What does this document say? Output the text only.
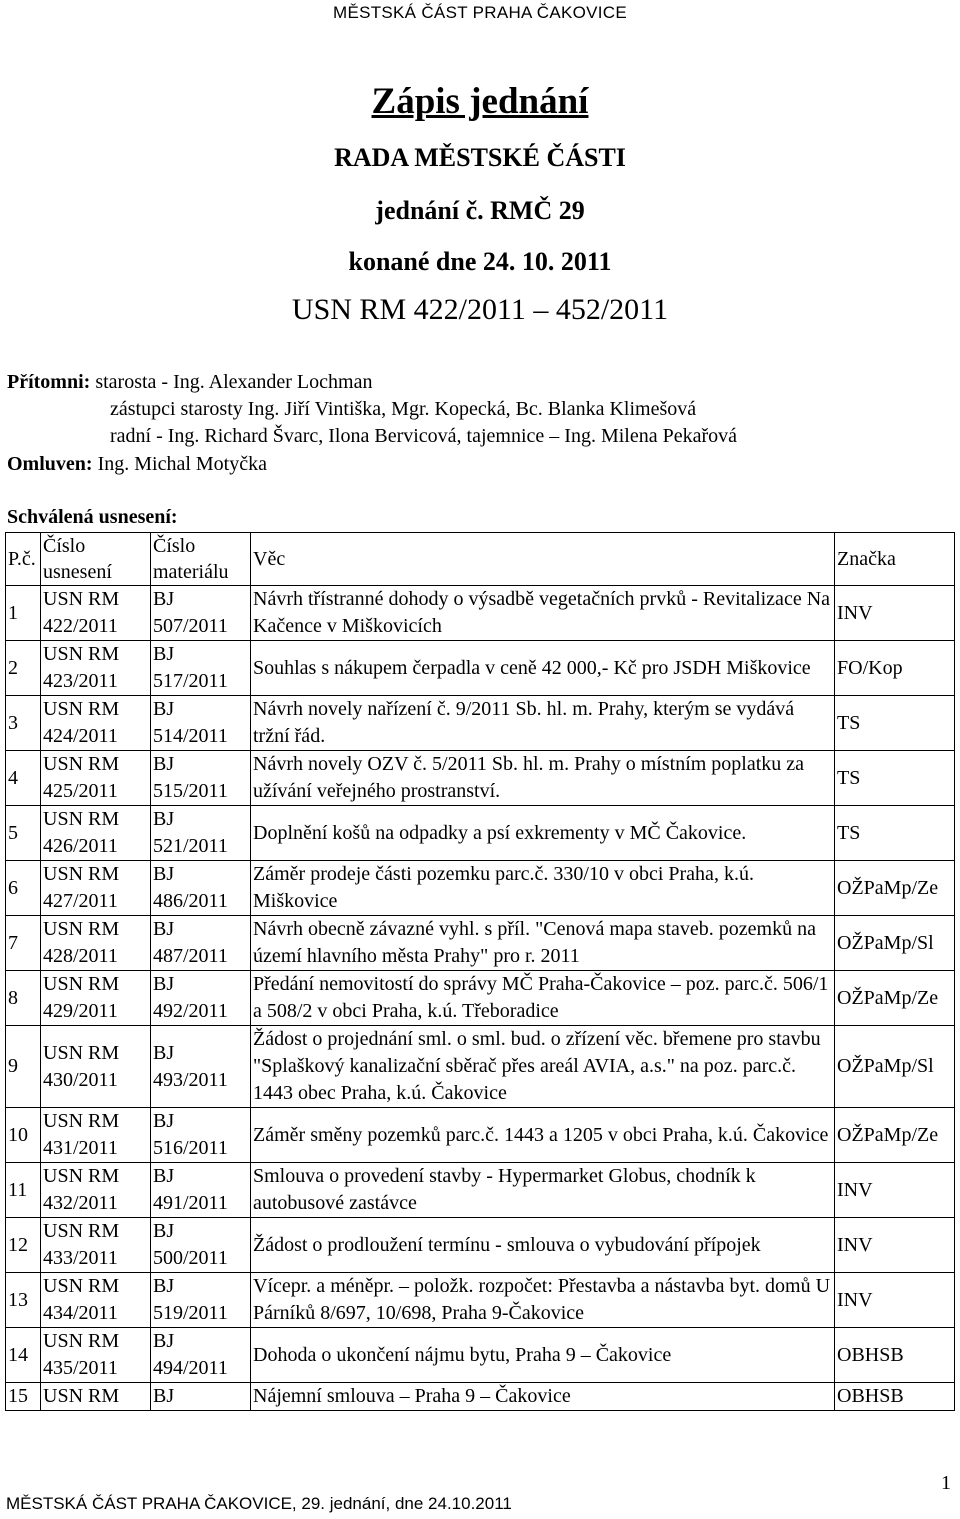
MĚSTSKÁ ČÁST PRAHA ČAKOVICE
Zápis jednání
RADA MĚSTSKÉ ČÁSTI
jednání č. RMČ 29
konané dne 24. 10. 2011
USN RM 422/2011 – 452/2011
Přítomni: starosta - Ing. Alexander Lochman
zástupci starosty Ing. Jiří Vintiška, Mgr. Kopecká, Bc. Blanka Klimešová
radní - Ing. Richard Švarc, Ilona Bervicová, tajemnice – Ing. Milena Pekařová
Omluven: Ing. Michal Motyčka
Schválená usnesení:
P.č.	Číslo usnesení	Číslo materiálu	Věc	Značka
1	USN RM 422/2011	BJ 507/2011	Návrh třístranné dohody o výsadbě vegetačních prvků - Revitalizace Na Kačence v Miškovicích	INV
2	USN RM 423/2011	BJ 517/2011	Souhlas s nákupem čerpadla v ceně 42 000,- Kč pro JSDH Miškovice	FO/Kop
3	USN RM 424/2011	BJ 514/2011	Návrh novely nařízení č. 9/2011 Sb. hl. m. Prahy, kterým se vydává tržní řád.	TS
4	USN RM 425/2011	BJ 515/2011	Návrh novely OZV č. 5/2011 Sb. hl. m. Prahy o místním poplatku za užívání veřejného prostranství.	TS
5	USN RM 426/2011	BJ 521/2011	Doplnění košů na odpadky a psí exkrementy v MČ Čakovice.	TS
6	USN RM 427/2011	BJ 486/2011	Záměr prodeje části pozemku parc.č. 330/10 v obci Praha, k.ú. Miškovice	OŽPaMp/Ze
7	USN RM 428/2011	BJ 487/2011	Návrh obecně závazné vyhl. s příl. "Cenová mapa staveb. pozemků na území hlavního města Prahy" pro r. 2011	OŽPaMp/Sl
8	USN RM 429/2011	BJ 492/2011	Předání nemovitostí do správy MČ Praha-Čakovice – poz. parc.č. 506/1 a 508/2 v obci Praha, k.ú. Třeboradice	OŽPaMp/Ze
9	USN RM 430/2011	BJ 493/2011	Žádost o projednání sml. o sml. bud. o zřízení věc. břemene pro stavbu "Splaškový kanalizační sběrač přes areál AVIA, a.s." na poz. parc.č. 1443 obec Praha, k.ú. Čakovice	OŽPaMp/Sl
10	USN RM 431/2011	BJ 516/2011	Záměr směny pozemků parc.č. 1443 a 1205 v obci Praha, k.ú. Čakovice	OŽPaMp/Ze
11	USN RM 432/2011	BJ 491/2011	Smlouva o provedení stavby - Hypermarket Globus, chodník k autobusové zastávce	INV
12	USN RM 433/2011	BJ 500/2011	Žádost o prodloužení termínu - smlouva o vybudování přípojek	INV
13	USN RM 434/2011	BJ 519/2011	Vícepr. a méněpr. – položk. rozpočet: Přestavba a nástavba byt. domů U Párníků 8/697, 10/698, Praha 9-Čakovice	INV
14	USN RM 435/2011	BJ 494/2011	Dohoda o ukončení nájmu bytu, Praha 9 – Čakovice	OBHSB
15	USN RM	BJ	Nájemní smlouva – Praha 9 – Čakovice	OBHSB
1
MĚSTSKÁ ČÁST PRAHA ČAKOVICE, 29. jednání, dne 24.10.2011
